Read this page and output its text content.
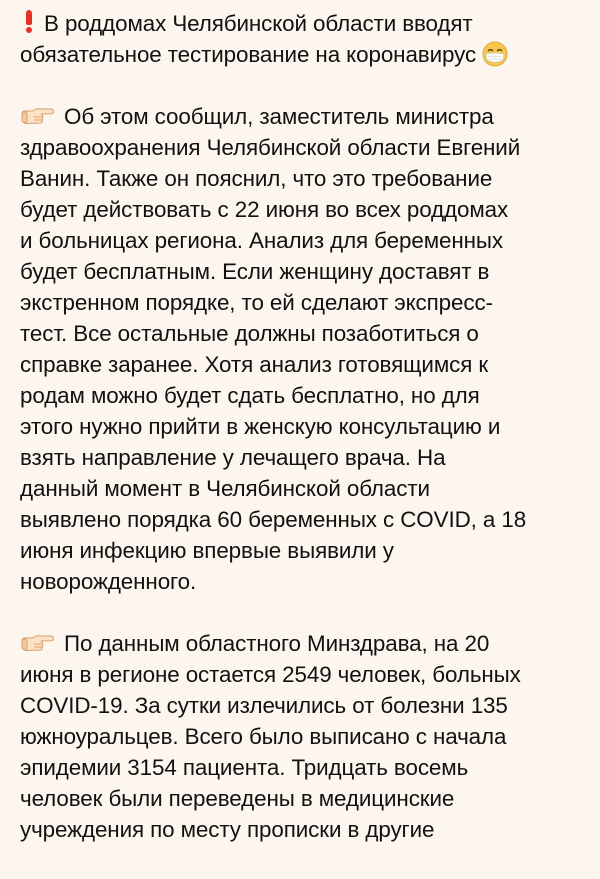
В роддомах Челябинской области вводят
обязательное тестирование на коронавирус

Об этом сообщил, заместитель министра
здравоохранения Челябинской области Евгений
Ванин. Также он пояснил, что это требование
будет действовать с 22 июня во всех роддомах
и больницах региона. Анализ для беременных
будет бесплатным. Если женщину доставят в
экстренном порядке, то ей сделают экспресс-
тест. Все остальные должны позаботиться о
справке заранее. Хотя анализ готовящимся к
родам можно будет сдать бесплатно, но для
этого нужно прийти в женскую консультацию и
взять направление у лечащего врача. На
данный момент в Челябинской области
выявлено порядка 60 беременных с COVID, а 18
июня инфекцию впервые выявили у
новорожденного.

По данным областного Минздрава, на 20
июня в регионе остается 2549 человек, больных
COVID-19. За сутки излечились от болезни 135
южноуральцев. Всего было выписано с начала
эпидемии 3154 пациента. Тридцать восемь
человек были переведены в медицинские
учреждения по месту прописки в другие
